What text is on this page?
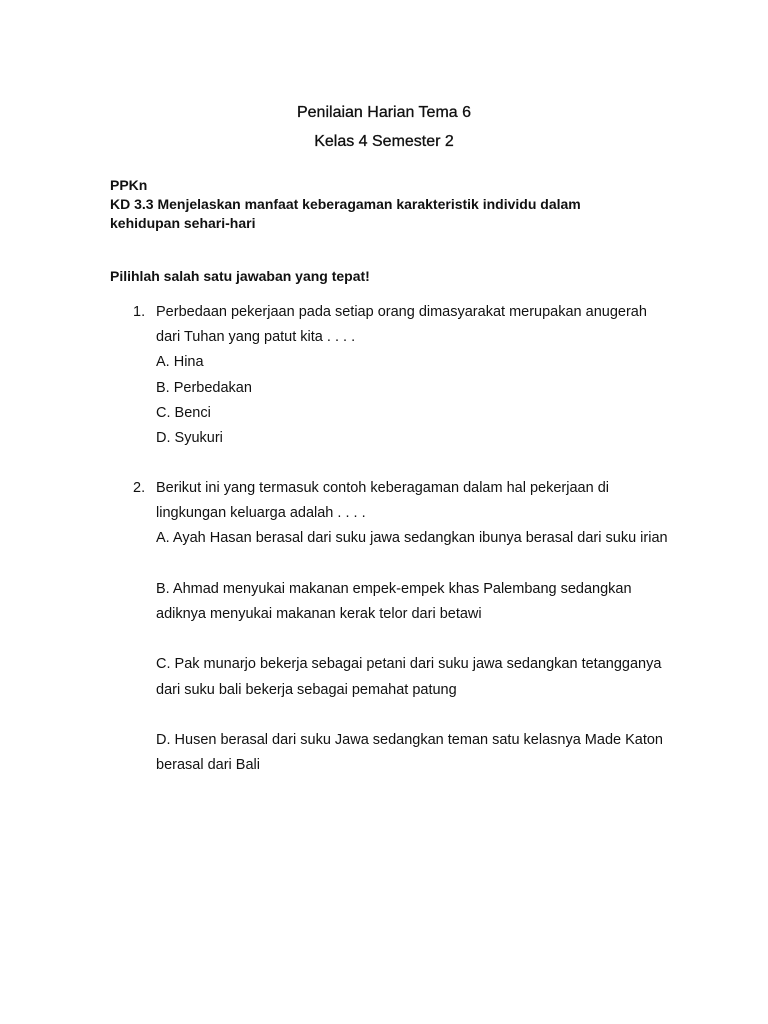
Penilaian Harian Tema 6
Kelas 4 Semester 2
PPKn
KD 3.3 Menjelaskan manfaat keberagaman karakteristik individu dalam kehidupan sehari-hari
Pilihlah salah satu jawaban yang tepat!
1. Perbedaan pekerjaan pada setiap orang dimasyarakat merupakan anugerah dari Tuhan yang patut kita . . . .
A. Hina
B. Perbedakan
C. Benci
D. Syukuri
2. Berikut ini yang termasuk contoh keberagaman dalam hal pekerjaan di lingkungan keluarga adalah . . . .
A. Ayah Hasan berasal dari suku jawa sedangkan ibunya berasal dari suku irian
B. Ahmad menyukai makanan empek-empek khas Palembang sedangkan adiknya menyukai makanan kerak telor dari betawi
C. Pak munarjo bekerja sebagai petani dari suku jawa sedangkan tetangganya dari suku bali bekerja sebagai pemahat patung
D. Husen berasal dari suku Jawa sedangkan teman satu kelasnya Made Katon berasal dari Bali
